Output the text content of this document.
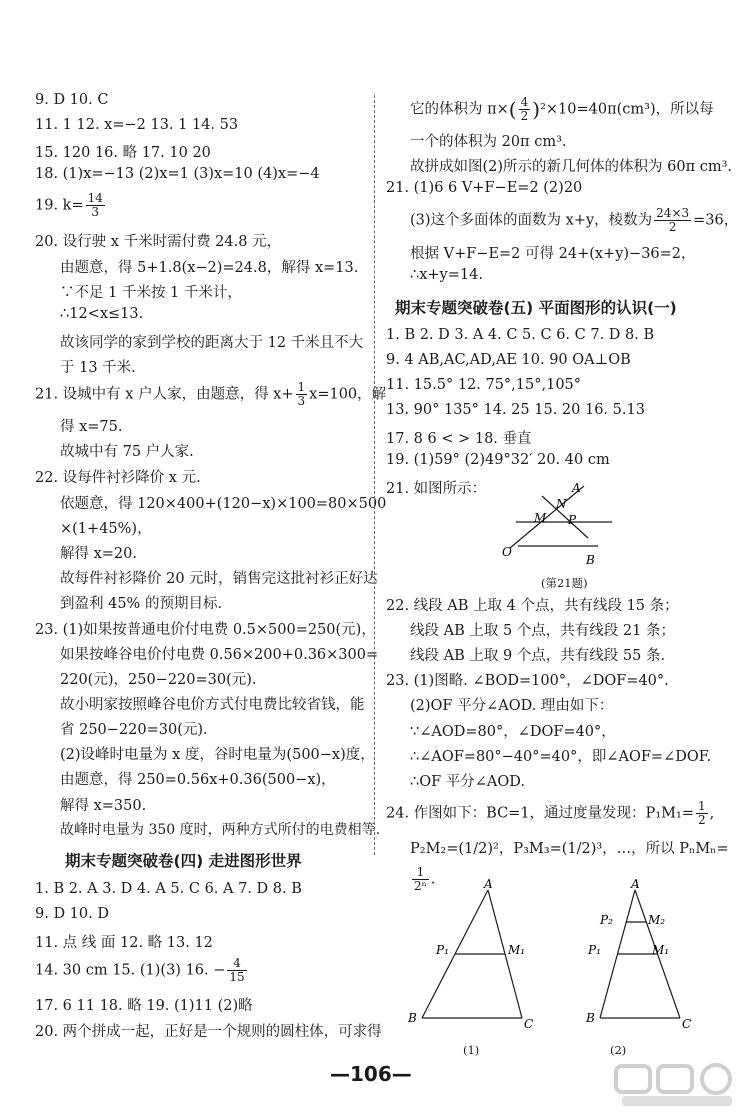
9. D 10. C
11. 1 12. x=−2 13. 1 14. 53
15. 120 16. 略 17. 10 20
18. (1)x=−13 (2)x=1 (3)x=10 (4)x=−4
19. $k= \frac{14}{3}$
20. 设行驶 x 千米时需付费 24.8 元，
由题意，得 5+1.8(x−2)=24.8，解得 x=13.
∵不足 1 千米按 1 千米计，
∴12<x≤13.
故该同学的家到学校的距离大于 12 千米且不大
于 13 千米.
21. 设城中有 x 户人家，由题意，得 $x+ \frac{1}{3} x=100$，解
得 x=75.
故城中有 75 户人家.
22. 设每件衬衫降价 x 元.
依题意，得 120×400+(120−x)×100=80×500
×(1+45%)，
解得 x=20.
故每件衬衫降价 20 元时，销售完这批衬衫正好达
到盈利 45% 的预期目标.
23. (1)如果按普通电价付电费 0.5×500=250(元)，
如果按峰谷电价付电费 0.56×200+0.36×300=
220(元)，250−220=30(元).
故小明家按照峰谷电价方式付电费比较省钱，能
省 250−220=30(元).
(2)设峰时电量为 x 度，谷时电量为(500−x)度，
由题意，得 250=0.56x+0.36(500−x)，
解得 x=350.
故峰时电量为 350 度时，两种方式所付的电费相等.
期末专题突破卷(四) 走进图形世界
1. B 2. A 3. D 4. A 5. C 6. A 7. D 8. B
9. D 10. D
11. 点 线 面 12. 略 13. 12
14. 30 cm 15. (1)(3) 16. − $\frac{4}{15}$
17. 6 11 18. 略 19. (1)11 (2)略
20. 两个拼成一起，正好是一个规则的圆柱体，可求得
它的体积为 $\pi\times( \frac{4}{2} )^2\times 10=40\pi(cm^3)$，所以每
一个的体积为 20π cm³.
故拼成如图(2)所示的新几何体的体积为 60π cm³.
21. (1)6 6 V+F−E=2 (2)20
(3)这个多面体的面数为 x+y，棱数为 $\frac{24\times 3}{2} =36$，
根据 V+F−E=2 可得 24+(x+y)−36=2，
∴x+y=14.
期末专题突破卷(五) 平面图形的认识(一)
1. B 2. D 3. A 4. C 5. C 6. C 7. D 8. B
9. 4 AB,AC,AD,AE 10. 90 OA⊥OB
11. 15.5° 12. 75°,15°,105°
13. 90° 135° 14. 25 15. 20 16. 5.13
17. 8 6 < > 18. 垂直
19. (1)59° (2)49°32′ 20. 40 cm
21. 如图所示：
O
B
A
N
M P
(第21题)
22. 线段 AB 上取 4 个点，共有线段 15 条；
线段 AB 上取 5 个点，共有线段 21 条；
线段 AB 上取 9 个点，共有线段 55 条.
23. (1)图略. ∠BOD=100°，∠DOF=40°.
(2)OF 平分∠AOD. 理由如下：
∵∠AOD=80°，∠DOF=40°，
∴∠AOF=80°−40°=40°，即∠AOF=∠DOF.
∴OF 平分∠AOD.
24. 作图如下：BC=1，通过度量发现：$P_1M_1= \frac{1}{2}$ ,
P₂M₂=(1/2)²，P₃M₃=(1/2)³，…，所以 PₙMₙ=
$\frac{1}{\text{2ⁿ}}$ .	A
P₁	M₁
B	C
(1)
A
P₂	M₂
P₁	M₁
B	C
(2)
—106—
